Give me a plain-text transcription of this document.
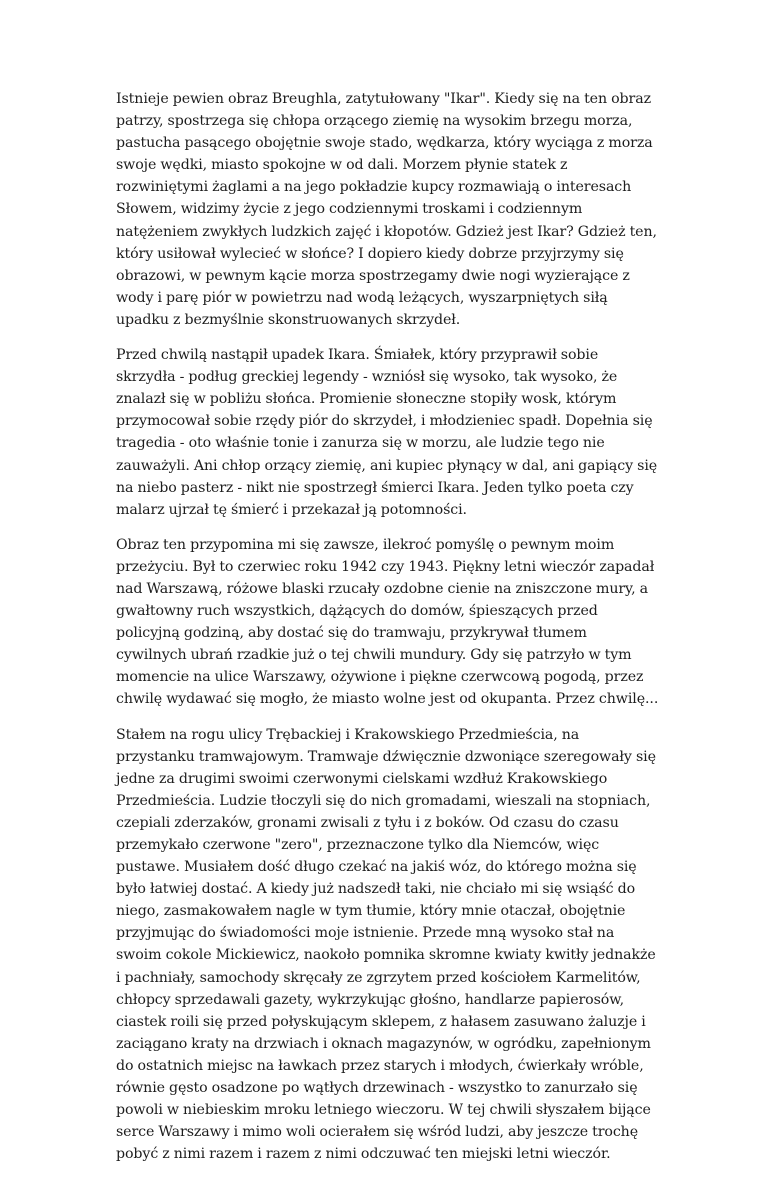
Istnieje pewien obraz Breughla, zatytułowany "Ikar". Kiedy się na ten obraz patrzy, spostrzega się chłopa orzącego ziemię na wysokim brzegu morza, pastucha pasącego obojętnie swoje stado, wędkarza, który wyciąga z morza swoje wędki, miasto spokojne w od dali. Morzem płynie statek z rozwiniętymi żaglami a na jego pokładzie kupcy rozmawiają o interesach Słowem, widzimy życie z jego codziennymi troskami i codziennym natężeniem zwykłych ludzkich zajęć i kłopotów. Gdzież jest Ikar? Gdzież ten, który usiłował wylecieć w słońce? I dopiero kiedy dobrze przyjrzymy się obrazowi, w pewnym kącie morza spostrzegamy dwie nogi wyzierające z wody i parę piór w powietrzu nad wodą leżących, wyszarpniętych siłą upadku z bezmyślnie skonstruowanych skrzydeł.

Przed chwilą nastąpił upadek Ikara. Śmiałek, który przyprawił sobie skrzydła - podług greckiej legendy - wzniósł się wysoko, tak wysoko, że znalazł się w pobliżu słońca. Promienie słoneczne stopiły wosk, którym przymocował sobie rzędy piór do skrzydeł, i młodzieniec spadł. Dopełnia się tragedia - oto właśnie tonie i zanurza się w morzu, ale ludzie tego nie zauważyli. Ani chłop orzący ziemię, ani kupiec płynący w dal, ani gapiący się na niebo pasterz - nikt nie spostrzegł śmierci Ikara. Jeden tylko poeta czy malarz ujrzał tę śmierć i przekazał ją potomności.

Obraz ten przypomina mi się zawsze, ilekroć pomyślę o pewnym moim przeżyciu. Był to czerwiec roku 1942 czy 1943. Piękny letni wieczór zapadał nad Warszawą, różowe blaski rzucały ozdobne cienie na zniszczone mury, a gwałtowny ruch wszystkich, dążących do domów, śpieszących przed policyjną godziną, aby dostać się do tramwaju, przykrywał tłumem cywilnych ubrań rzadkie już o tej chwili mundury. Gdy się patrzyło w tym momencie na ulice Warszawy, ożywione i piękne czerwcową pogodą, przez chwilę wydawać się mogło, że miasto wolne jest od okupanta. Przez chwilę...

Stałem na rogu ulicy Trębackiej i Krakowskiego Przedmieścia, na przystanku tramwajowym. Tramwaje dźwięcznie dzwoniące szeregowały się jedne za drugimi swoimi czerwonymi cielskami wzdłuż Krakowskiego Przedmieścia. Ludzie tłoczyli się do nich gromadami, wieszali na stopniach, czepiali zderzaków, gronami zwisali z tyłu i z boków. Od czasu do czasu przemykało czerwone "zero", przeznaczone tylko dla Niemców, więc pustawe. Musiałem dość długo czekać na jakiś wóz, do którego można się było łatwiej dostać. A kiedy już nadszedł taki, nie chciało mi się wsiąść do niego, zasmakowałem nagle w tym tłumie, który mnie otaczał, obojętnie przyjmując do świadomości moje istnienie. Przede mną wysoko stał na swoim cokole Mickiewicz, naokoło pomnika skromne kwiaty kwitły jednakże i pachniały, samochody skręcały ze zgrzytem przed kościołem Karmelitów, chłopcy sprzedawali gazety, wykrzykując głośno, handlarze papierosów, ciastek roili się przed połyskującym sklepem, z hałasem zasuwano żaluzje i zaciągano kraty na drzwiach i oknach magazynów, w ogródku, zapełnionym do ostatnich miejsc na ławkach przez starych i młodych, ćwierkały wróble, równie gęsto osadzone po wątłych drzewinach - wszystko to zanurzało się powoli w niebieskim mroku letniego wieczoru. W tej chwili słyszałem bijące serce Warszawy i mimo woli ocierałem się wśród ludzi, aby jeszcze trochę pobyć z nimi razem i razem z nimi odczuwać ten miejski letni wieczór.
